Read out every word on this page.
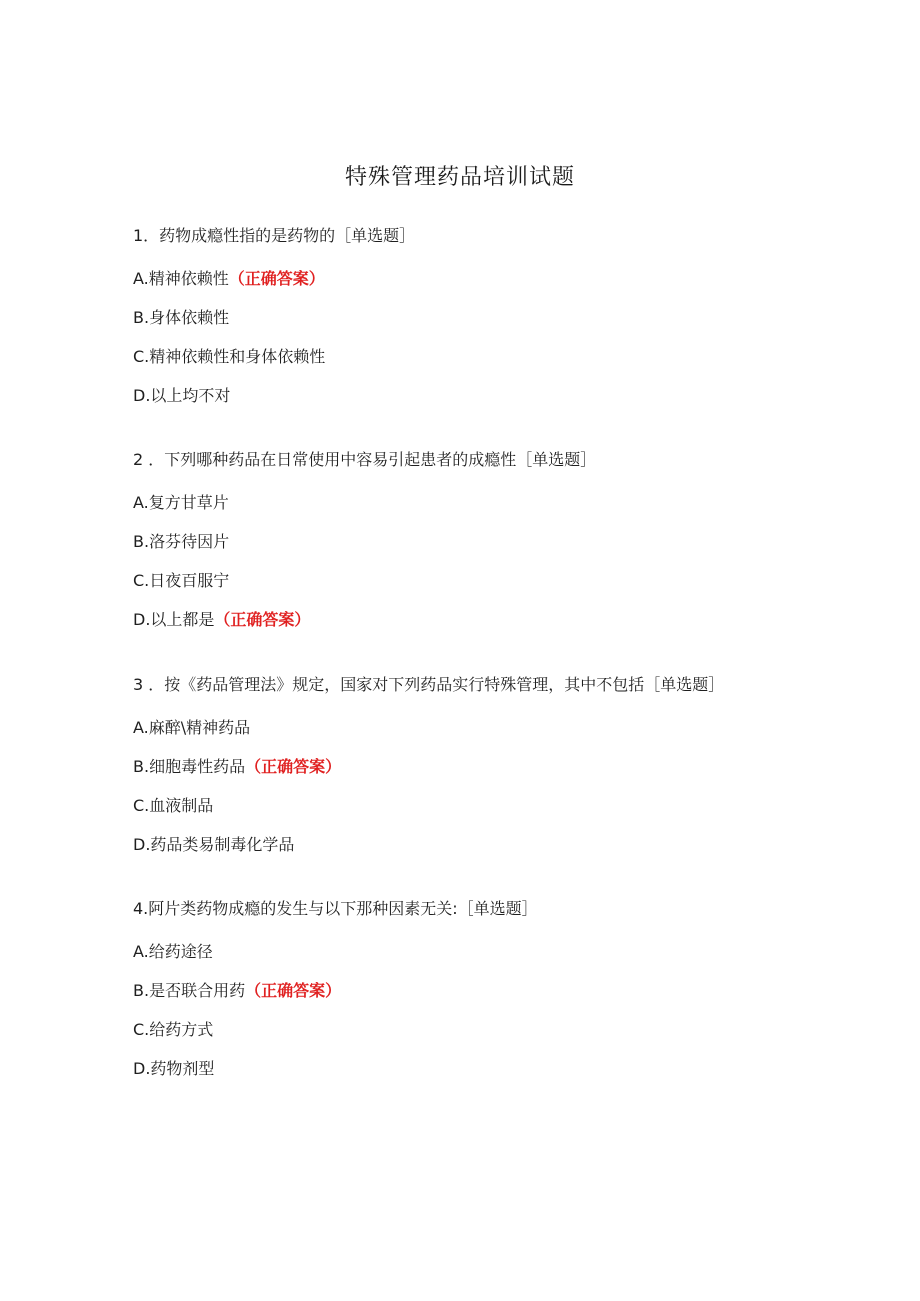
特殊管理药品培训试题
1．药物成瘾性指的是药物的［单选题］
A.精神依赖性（正确答案）
B.身体依赖性
C.精神依赖性和身体依赖性
D.以上均不对
2 ．下列哪种药品在日常使用中容易引起患者的成瘾性［单选题］
A.复方甘草片
B.洛芬待因片
C.日夜百服宁
D.以上都是（正确答案）
3 ．按《药品管理法》规定，国家对下列药品实行特殊管理，其中不包括［单选题］
A.麻醉\精神药品
B.细胞毒性药品（正确答案）
C.血液制品
D.药品类易制毒化学品
4.阿片类药物成瘾的发生与以下那种因素无关:［单选题］
A.给药途径
B.是否联合用药（正确答案）
C.给药方式
D.药物剂型
